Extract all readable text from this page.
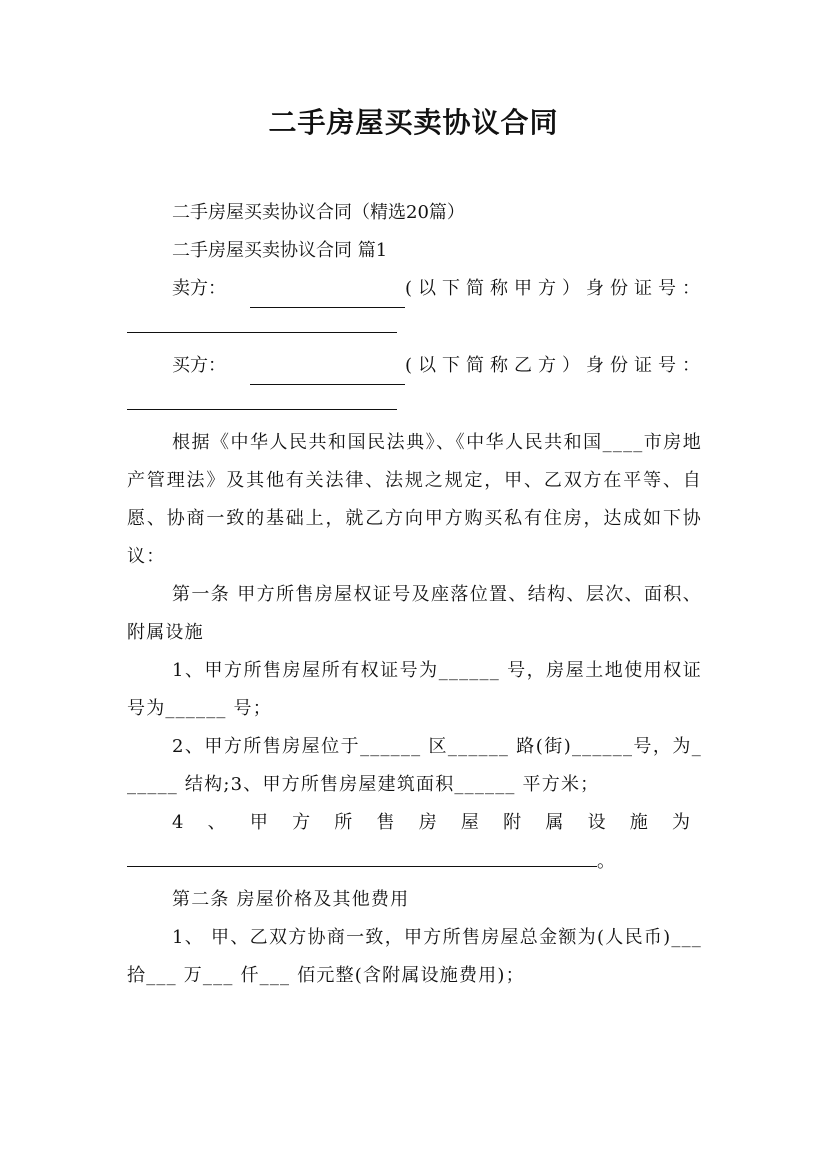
二手房屋买卖协议合同

二手房屋买卖协议合同（精选20篇）

二手房屋买卖协议合同 篇1

卖方：	(以下简称甲方）身份证号：
买方：	(以下简称乙方）身份证号：

根据《中华人民共和国民法典》、《中华人民共和国____市房地产管理法》及其他有关法律、法规之规定，甲、乙双方在平等、自愿、协商一致的基础上，就乙方向甲方购买私有住房，达成如下协议：

第一条 甲方所售房屋权证号及座落位置、结构、层次、面积、附属设施

1、甲方所售房屋所有权证号为______ 号，房屋土地使用权证号为______ 号；

2、甲方所售房屋位于______ 区______ 路(街)______号，为______ 结构;3、甲方所售房屋建筑面积______ 平方米；

4、甲方所售房屋附属设施为

。

第二条 房屋价格及其他费用

1、 甲、乙双方协商一致，甲方所售房屋总金额为(人民币)___ 拾___ 万___ 仟___ 佰元整(含附属设施费用)；
